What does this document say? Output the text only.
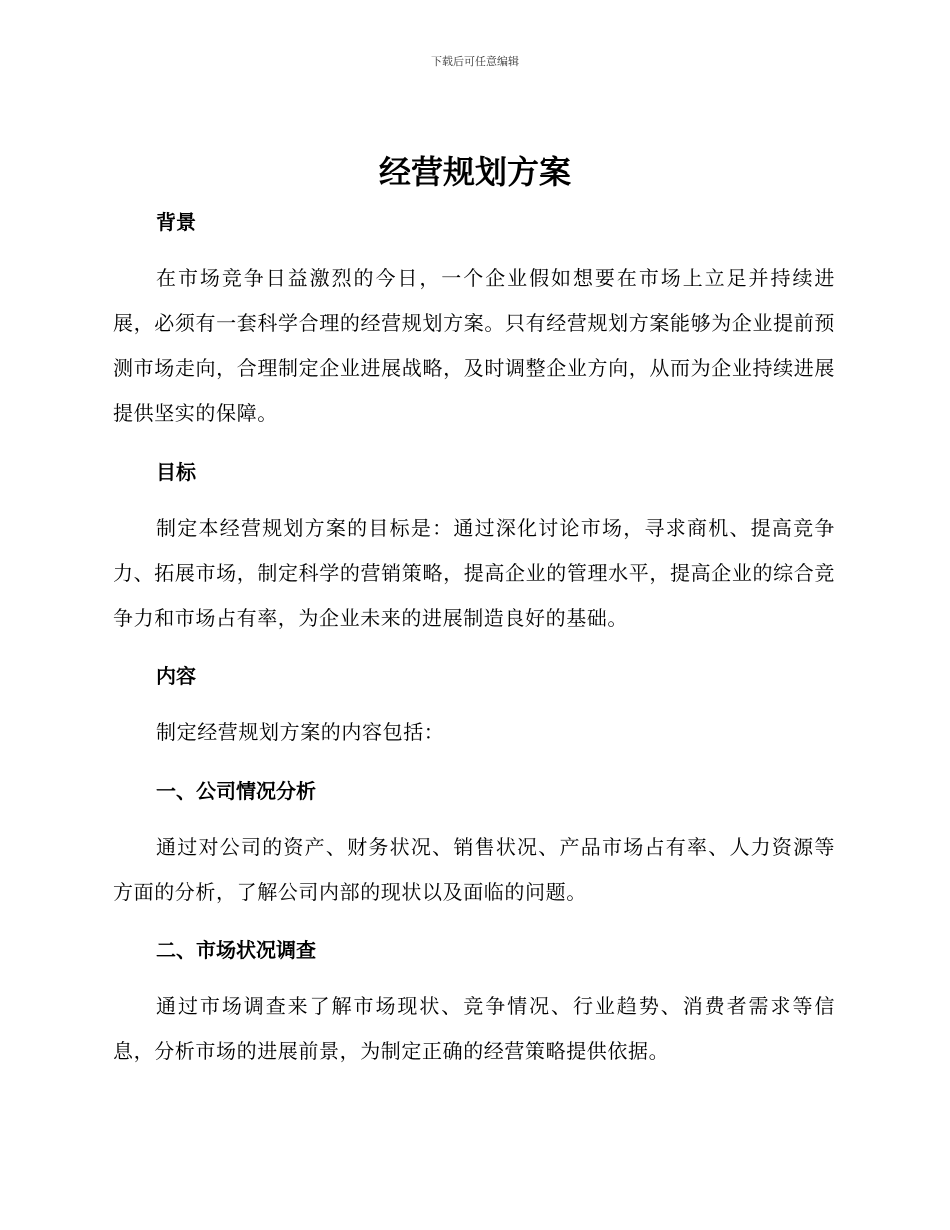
下载后可任意编辑
经营规划方案
背景
在市场竞争日益激烈的今日，一个企业假如想要在市场上立足并持续进展，必须有一套科学合理的经营规划方案。只有经营规划方案能够为企业提前预测市场走向，合理制定企业进展战略，及时调整企业方向，从而为企业持续进展提供坚实的保障。
目标
制定本经营规划方案的目标是：通过深化讨论市场，寻求商机、提高竞争力、拓展市场，制定科学的营销策略，提高企业的管理水平，提高企业的综合竞争力和市场占有率，为企业未来的进展制造良好的基础。
内容
制定经营规划方案的内容包括：
一、公司情况分析
通过对公司的资产、财务状况、销售状况、产品市场占有率、人力资源等方面的分析，了解公司内部的现状以及面临的问题。
二、市场状况调查
通过市场调查来了解市场现状、竞争情况、行业趋势、消费者需求等信息，分析市场的进展前景，为制定正确的经营策略提供依据。
